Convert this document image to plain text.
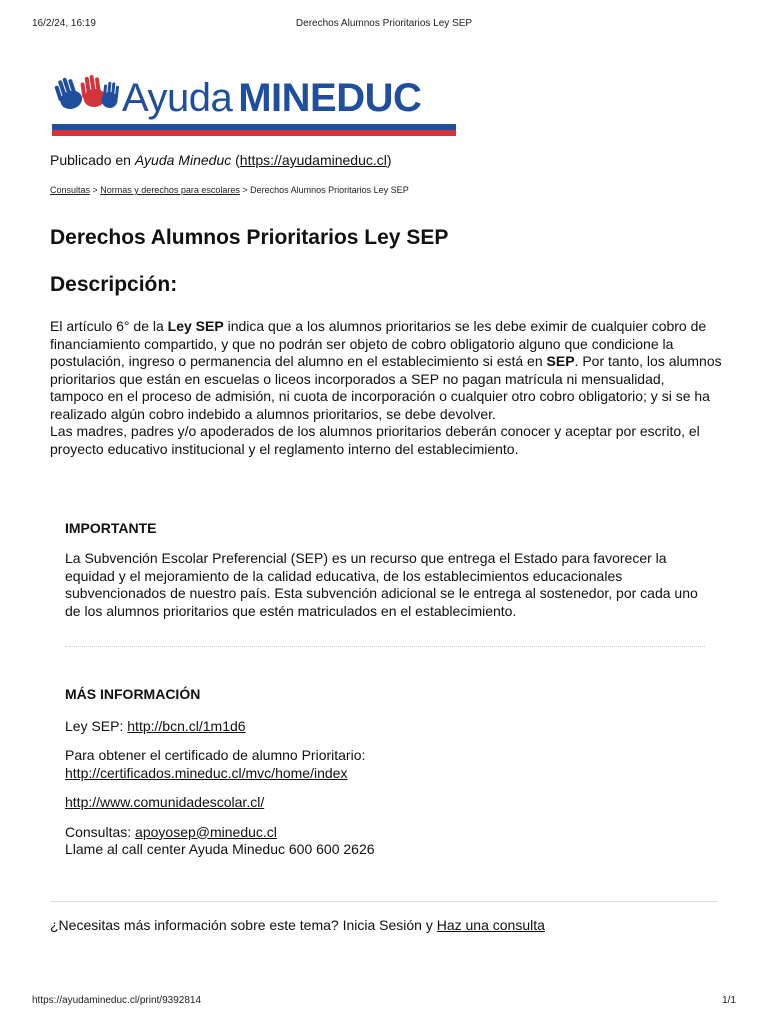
16/2/24, 16:19	Derechos Alumnos Prioritarios Ley SEP
Ayuda MINEDUC
Publicado en Ayuda Mineduc (https://ayudamineduc.cl)
Consultas > Normas y derechos para escolares > Derechos Alumnos Prioritarios Ley SEP
Derechos Alumnos Prioritarios Ley SEP
Descripción:

El artículo 6° de la Ley SEP indica que a los alumnos prioritarios se les debe eximir de cualquier cobro de financiamiento compartido, y que no podrán ser objeto de cobro obligatorio alguno que condicione la postulación, ingreso o permanencia del alumno en el establecimiento si está en SEP. Por tanto, los alumnos prioritarios que están en escuelas o liceos incorporados a SEP no pagan matrícula ni mensualidad, tampoco en el proceso de admisión, ni cuota de incorporación o cualquier otro cobro obligatorio; y si se ha realizado algún cobro indebido a alumnos prioritarios, se debe devolver.

Las madres, padres y/o apoderados de los alumnos prioritarios deberán conocer y aceptar por escrito, el proyecto educativo institucional y el reglamento interno del establecimiento.

IMPORTANTE

La Subvención Escolar Preferencial (SEP) es un recurso que entrega el Estado para favorecer la equidad y el mejoramiento de la calidad educativa, de los establecimientos educacionales subvencionados de nuestro país. Esta subvención adicional se le entrega al sostenedor, por cada uno de los alumnos prioritarios que estén matriculados en el establecimiento.

MÁS INFORMACIÓN
Ley SEP: http://bcn.cl/1m1d6
Para obtener el certificado de alumno Prioritario:
http://certificados.mineduc.cl/mvc/home/index
http://www.comunidadescolar.cl/
Consultas: apoyosep@mineduc.cl
Llame al call center Ayuda Mineduc 600 600 2626
¿Necesitas más información sobre este tema? Inicia Sesión y Haz una consulta
https://ayudamineduc.cl/print/9392814	1/1
